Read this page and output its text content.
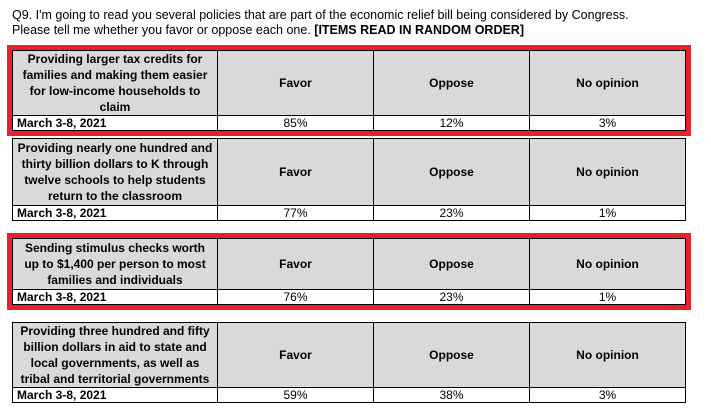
Q9. I'm going to read you several policies that are part of the economic relief bill being considered by Congress.
Please tell me whether you favor or oppose each one. [ITEMS READ IN RANDOM ORDER]
Providing larger tax credits for families and making them easier for low-income households to claim	Favor	Oppose	No opinion
March 3-8, 2021	85%	12%	3%
Providing nearly one hundred and thirty billion dollars to K through twelve schools to help students return to the classroom	Favor	Oppose	No opinion
March 3-8, 2021	77%	23%	1%
Sending stimulus checks worth up to $1,400 per person to most families and individuals	Favor	Oppose	No opinion
March 3-8, 2021	76%	23%	1%
Providing three hundred and fifty billion dollars in aid to state and local governments, as well as tribal and territorial governments	Favor	Oppose	No opinion
March 3-8, 2021	59%	38%	3%
